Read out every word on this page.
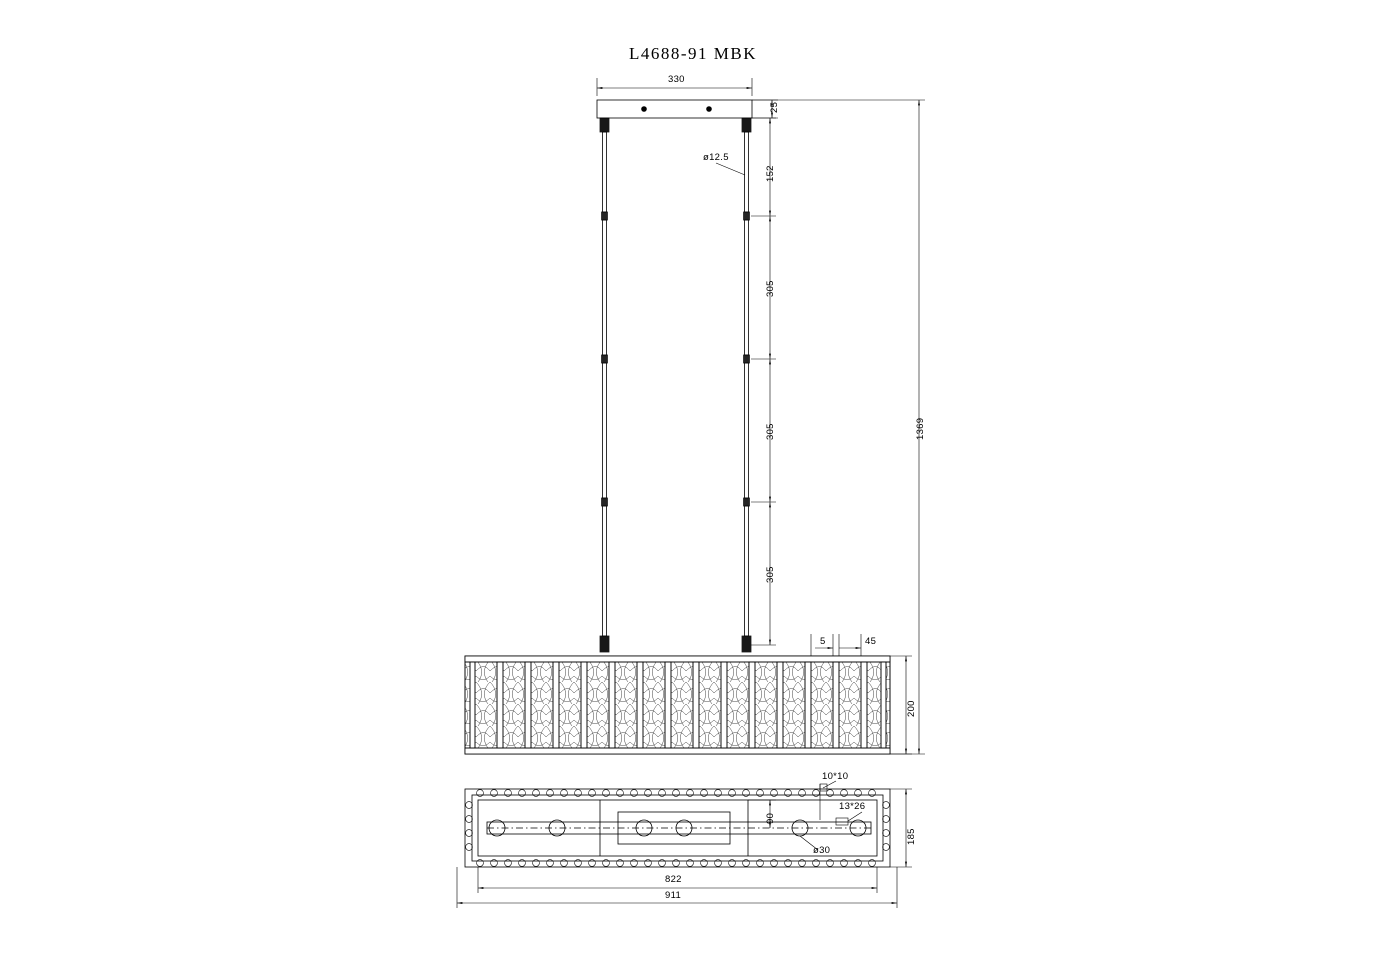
L4688-91 MBK
330
25
ø12.5
152
305
305
305
1369
5	45
200
10*10
90
13*26
ø30
185
822
911
